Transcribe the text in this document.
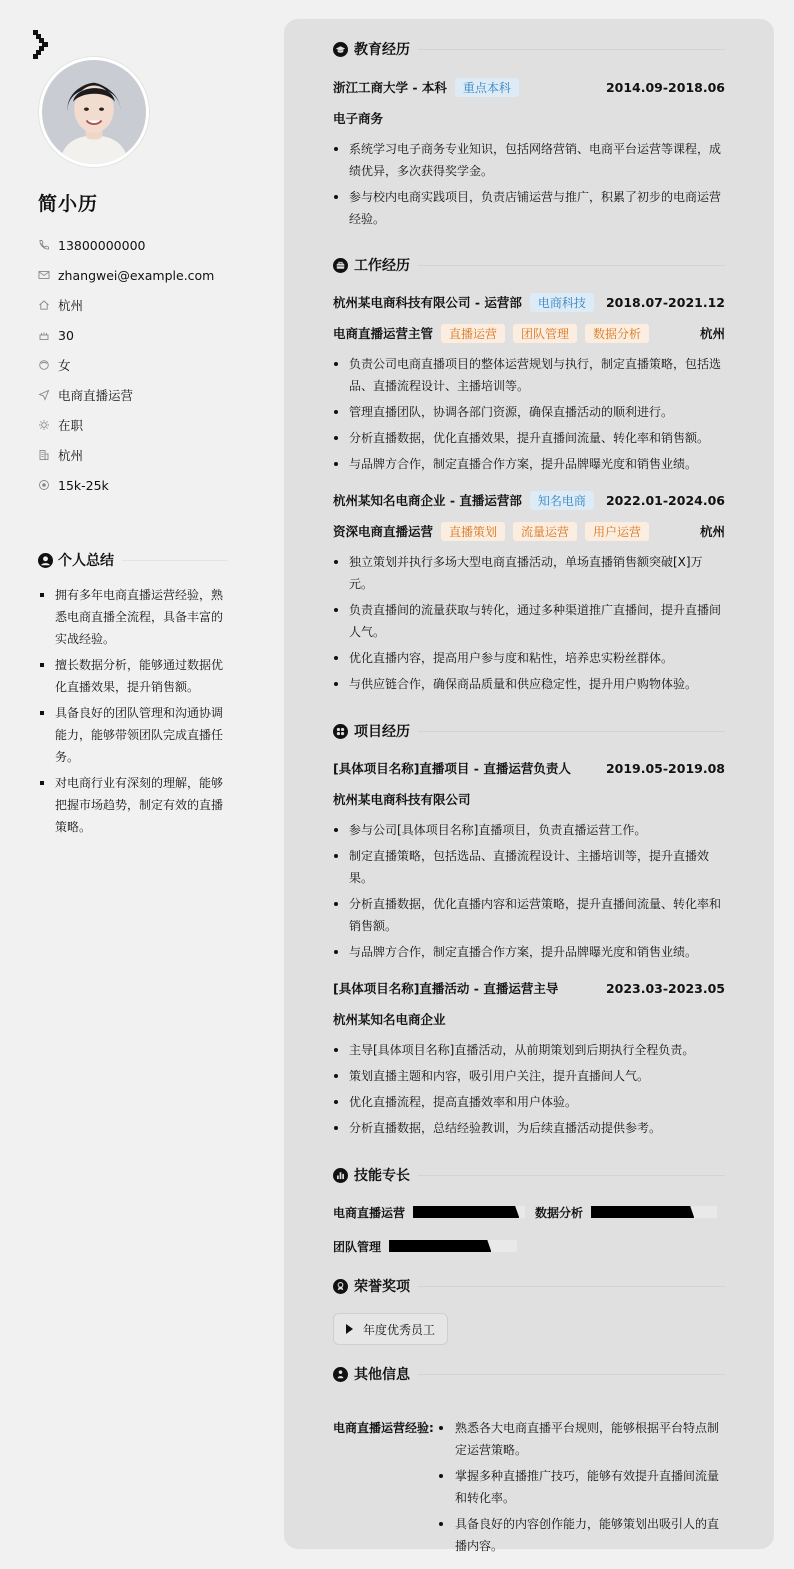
简小历
13800000000
zhangwei@example.com
杭州
30
女
电商直播运营
在职
杭州
15k-25k
个人总结
拥有多年电商直播运营经验，熟悉电商直播全流程，具备丰富的实战经验。
擅长数据分析，能够通过数据优化直播效果，提升销售额。
具备良好的团队管理和沟通协调能力，能够带领团队完成直播任务。
对电商行业有深刻的理解，能够把握市场趋势，制定有效的直播策略。
教育经历
浙江工商大学 - 本科	重点本科	2014.09-2018.06
电子商务
系统学习电子商务专业知识，包括网络营销、电商平台运营等课程，成绩优异，多次获得奖学金。
参与校内电商实践项目，负责店铺运营与推广，积累了初步的电商运营经验。
工作经历
杭州某电商科技有限公司 - 运营部	电商科技	2018.07-2021.12
电商直播运营主管	直播运营	团队管理	数据分析	杭州
负责公司电商直播项目的整体运营规划与执行，制定直播策略，包括选品、直播流程设计、主播培训等。
管理直播团队，协调各部门资源，确保直播活动的顺利进行。
分析直播数据，优化直播效果，提升直播间流量、转化率和销售额。
与品牌方合作，制定直播合作方案，提升品牌曝光度和销售业绩。
杭州某知名电商企业 - 直播运营部	知名电商	2022.01-2024.06
资深电商直播运营	直播策划	流量运营	用户运营	杭州
独立策划并执行多场大型电商直播活动，单场直播销售额突破[X]万元。
负责直播间的流量获取与转化，通过多种渠道推广直播间，提升直播间人气。
优化直播内容，提高用户参与度和粘性，培养忠实粉丝群体。
与供应链合作，确保商品质量和供应稳定性，提升用户购物体验。
项目经历
[具体项目名称]直播项目 - 直播运营负责人	2019.05-2019.08
杭州某电商科技有限公司
参与公司[具体项目名称]直播项目，负责直播运营工作。
制定直播策略，包括选品、直播流程设计、主播培训等，提升直播效果。
分析直播数据，优化直播内容和运营策略，提升直播间流量、转化率和销售额。
与品牌方合作，制定直播合作方案，提升品牌曝光度和销售业绩。
[具体项目名称]直播活动 - 直播运营主导	2023.03-2023.05
杭州某知名电商企业
主导[具体项目名称]直播活动，从前期策划到后期执行全程负责。
策划直播主题和内容，吸引用户关注，提升直播间人气。
优化直播流程，提高直播效率和用户体验。
分析直播数据，总结经验教训，为后续直播活动提供参考。
技能专长
电商直播运营	数据分析
团队管理
荣誉奖项
年度优秀员工
其他信息
电商直播运营经验:	熟悉各大电商直播平台规则，能够根据平台特点制定运营策略。
掌握多种直播推广技巧，能够有效提升直播间流量和转化率。
具备良好的内容创作能力，能够策划出吸引人的直播内容。
